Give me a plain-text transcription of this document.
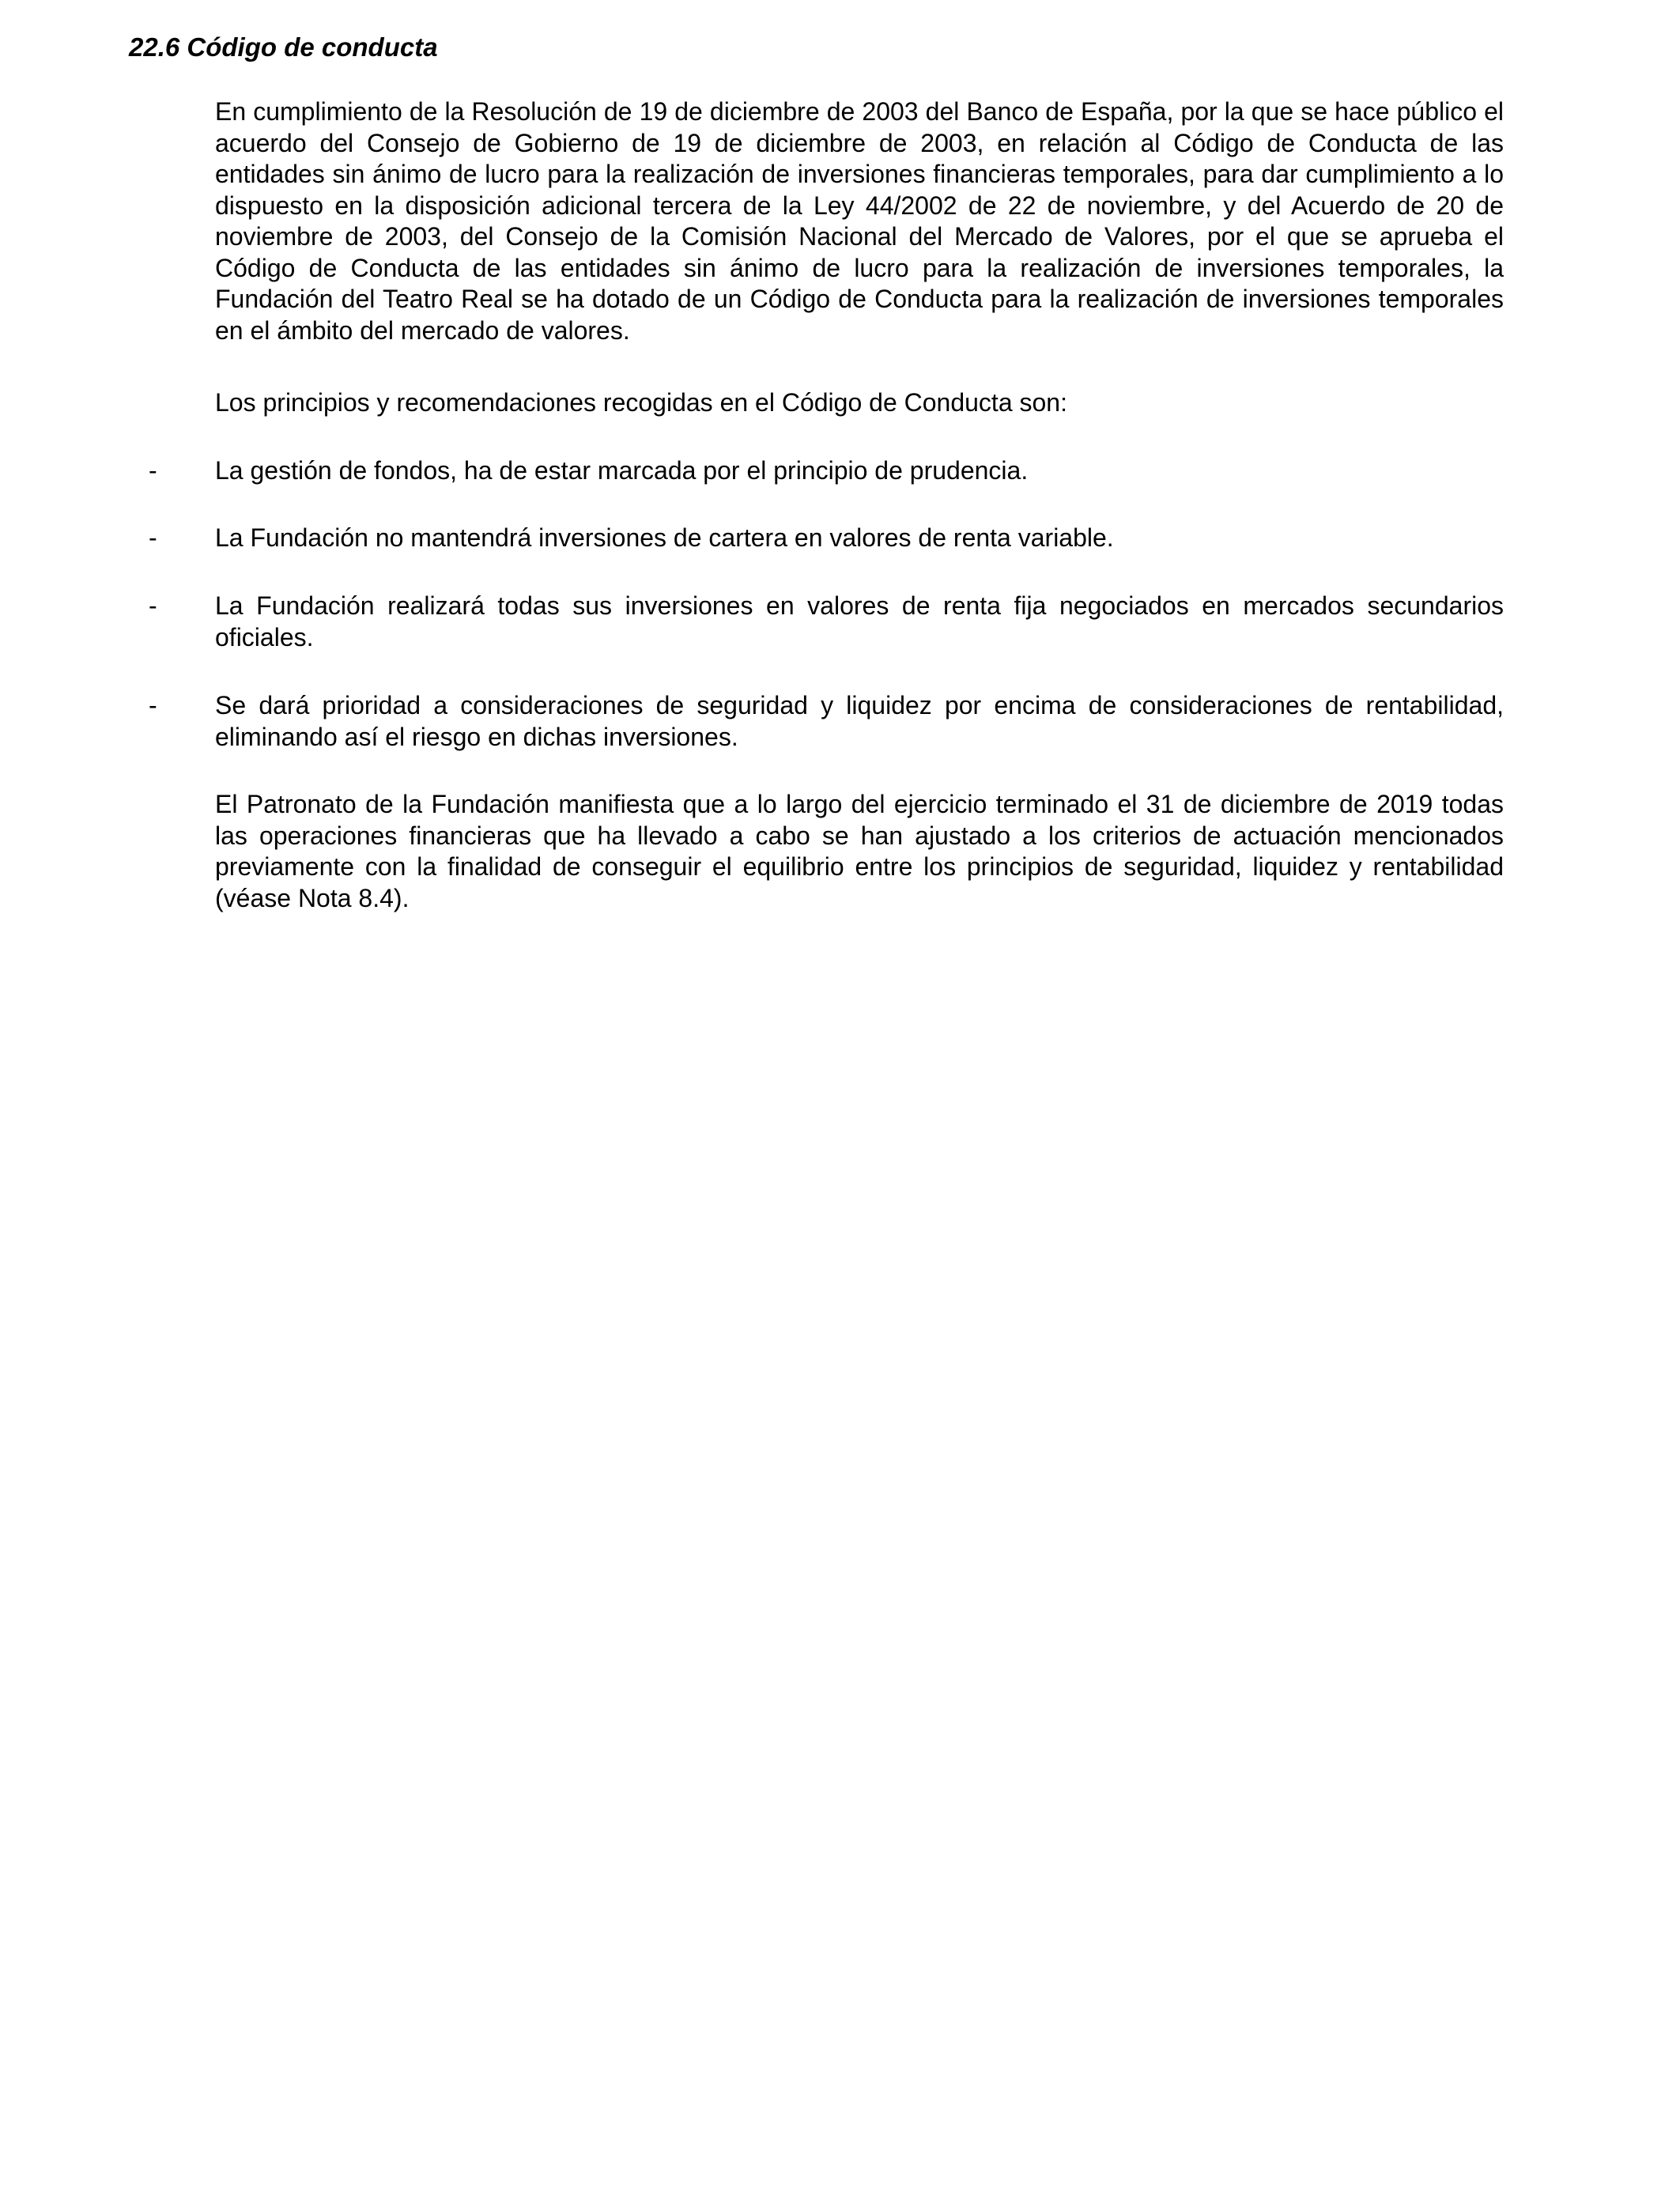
22.6 Código de conducta

En cumplimiento de la Resolución de 19 de diciembre de 2003 del Banco de España, por la que se hace público el acuerdo del Consejo de Gobierno de 19 de diciembre de 2003, en relación al Código de Conducta de las entidades sin ánimo de lucro para la realización de inversiones financieras temporales, para dar cumplimiento a lo dispuesto en la disposición adicional tercera de la Ley 44/2002 de 22 de noviembre, y del Acuerdo de 20 de noviembre de 2003, del Consejo de la Comisión Nacional del Mercado de Valores, por el que se aprueba el Código de Conducta de las entidades sin ánimo de lucro para la realización de inversiones temporales, la Fundación del Teatro Real se ha dotado de un Código de Conducta para la realización de inversiones temporales en el ámbito del mercado de valores.

Los principios y recomendaciones recogidas en el Código de Conducta son:

- La gestión de fondos, ha de estar marcada por el principio de prudencia.

- La Fundación no mantendrá inversiones de cartera en valores de renta variable.

- La Fundación realizará todas sus inversiones en valores de renta fija negociados en mercados secundarios oficiales.

- Se dará prioridad a consideraciones de seguridad y liquidez por encima de consideraciones de rentabilidad, eliminando así el riesgo en dichas inversiones.

El Patronato de la Fundación manifiesta que a lo largo del ejercicio terminado el 31 de diciembre de 2019 todas las operaciones financieras que ha llevado a cabo se han ajustado a los criterios de actuación mencionados previamente con la finalidad de conseguir el equilibrio entre los principios de seguridad, liquidez y rentabilidad (véase Nota 8.4).
